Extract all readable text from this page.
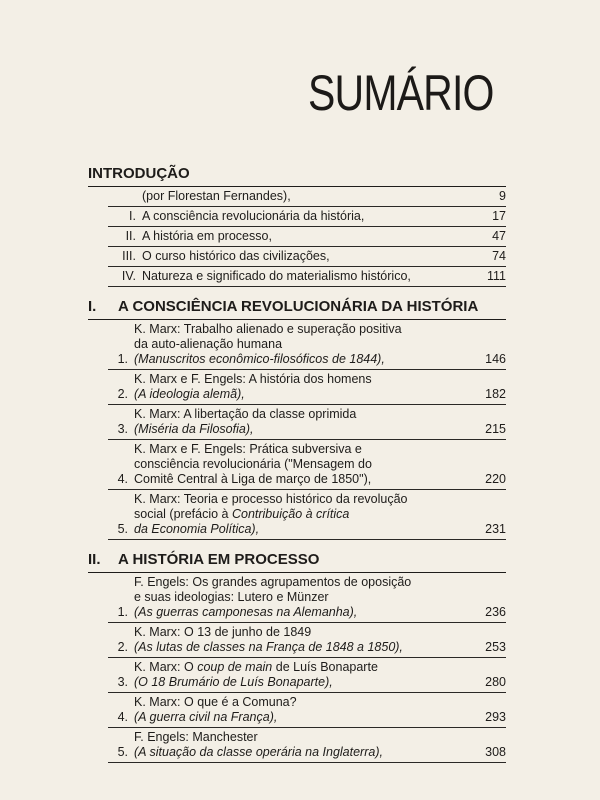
SUMÁRIO
INTRODUÇÃO
(por Florestan Fernandes),	9
I. A consciência revolucionária da história,	17
II. A história em processo,	47
III. O curso histórico das civilizações,	74
IV. Natureza e significado do materialismo histórico,	111
I. A CONSCIÊNCIA REVOLUCIONÁRIA DA HISTÓRIA
1.
K. Marx: Trabalho alienado e superação positiva
da auto-alienação humana
(Manuscritos econômico-filosóficos de 1844),	146
2.
K. Marx e F. Engels: A história dos homens
(A ideologia alemã),	182
3.
K. Marx: A libertação da classe oprimida
(Miséria da Filosofia),	215
4.
K. Marx e F. Engels: Prática subversiva e
consciência revolucionária ("Mensagem do
Comitê Central à Liga de março de 1850"),	220
5.
K. Marx: Teoria e processo histórico da revolução
social (prefácio à Contribuição à crítica
da Economia Política),	231
II. A HISTÓRIA EM PROCESSO
1.
F. Engels: Os grandes agrupamentos de oposição
e suas ideologias: Lutero e Münzer
(As guerras camponesas na Alemanha),	236
2.
K. Marx: O 13 de junho de 1849
(As lutas de classes na França de 1848 a 1850),	253
3.
K. Marx: O coup de main de Luís Bonaparte
(O 18 Brumário de Luís Bonaparte),	280
4.
K. Marx: O que é a Comuna?
(A guerra civil na França),	293
5.
F. Engels: Manchester
(A situação da classe operária na Inglaterra),	308
